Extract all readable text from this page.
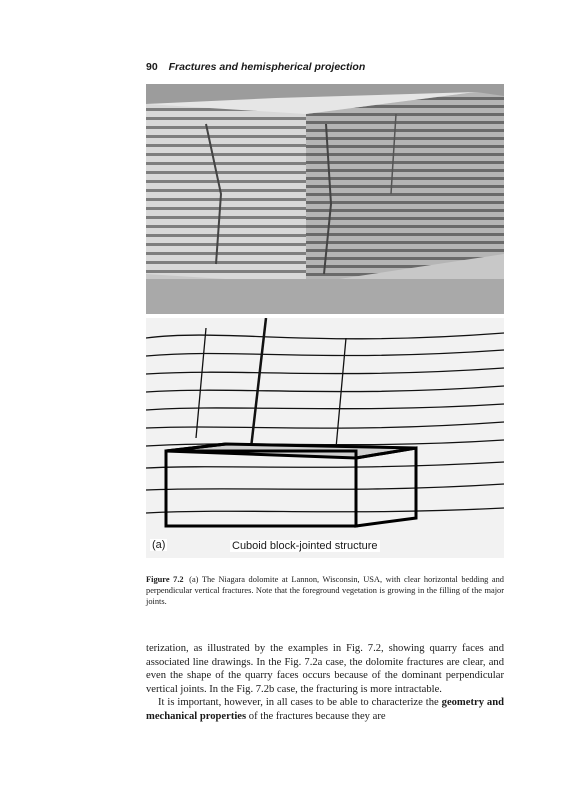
90 Fractures and hemispherical projection
(a)	Cuboid block-jointed structure
Figure 7.2 (a) The Niagara dolomite at Lannon, Wisconsin, USA, with clear horizontal bedding and perpendicular vertical fractures. Note that the foreground vegetation is growing in the filling of the major joints.

terization, as illustrated by the examples in Fig. 7.2, showing quarry faces and associated line drawings. In the Fig. 7.2a case, the dolomite fractures are clear, and even the shape of the quarry faces occurs because of the dominant perpendicular vertical joints. In the Fig. 7.2b case, the fracturing is more intractable.

It is important, however, in all cases to be able to characterize the geometry and mechanical properties of the fractures because they are
